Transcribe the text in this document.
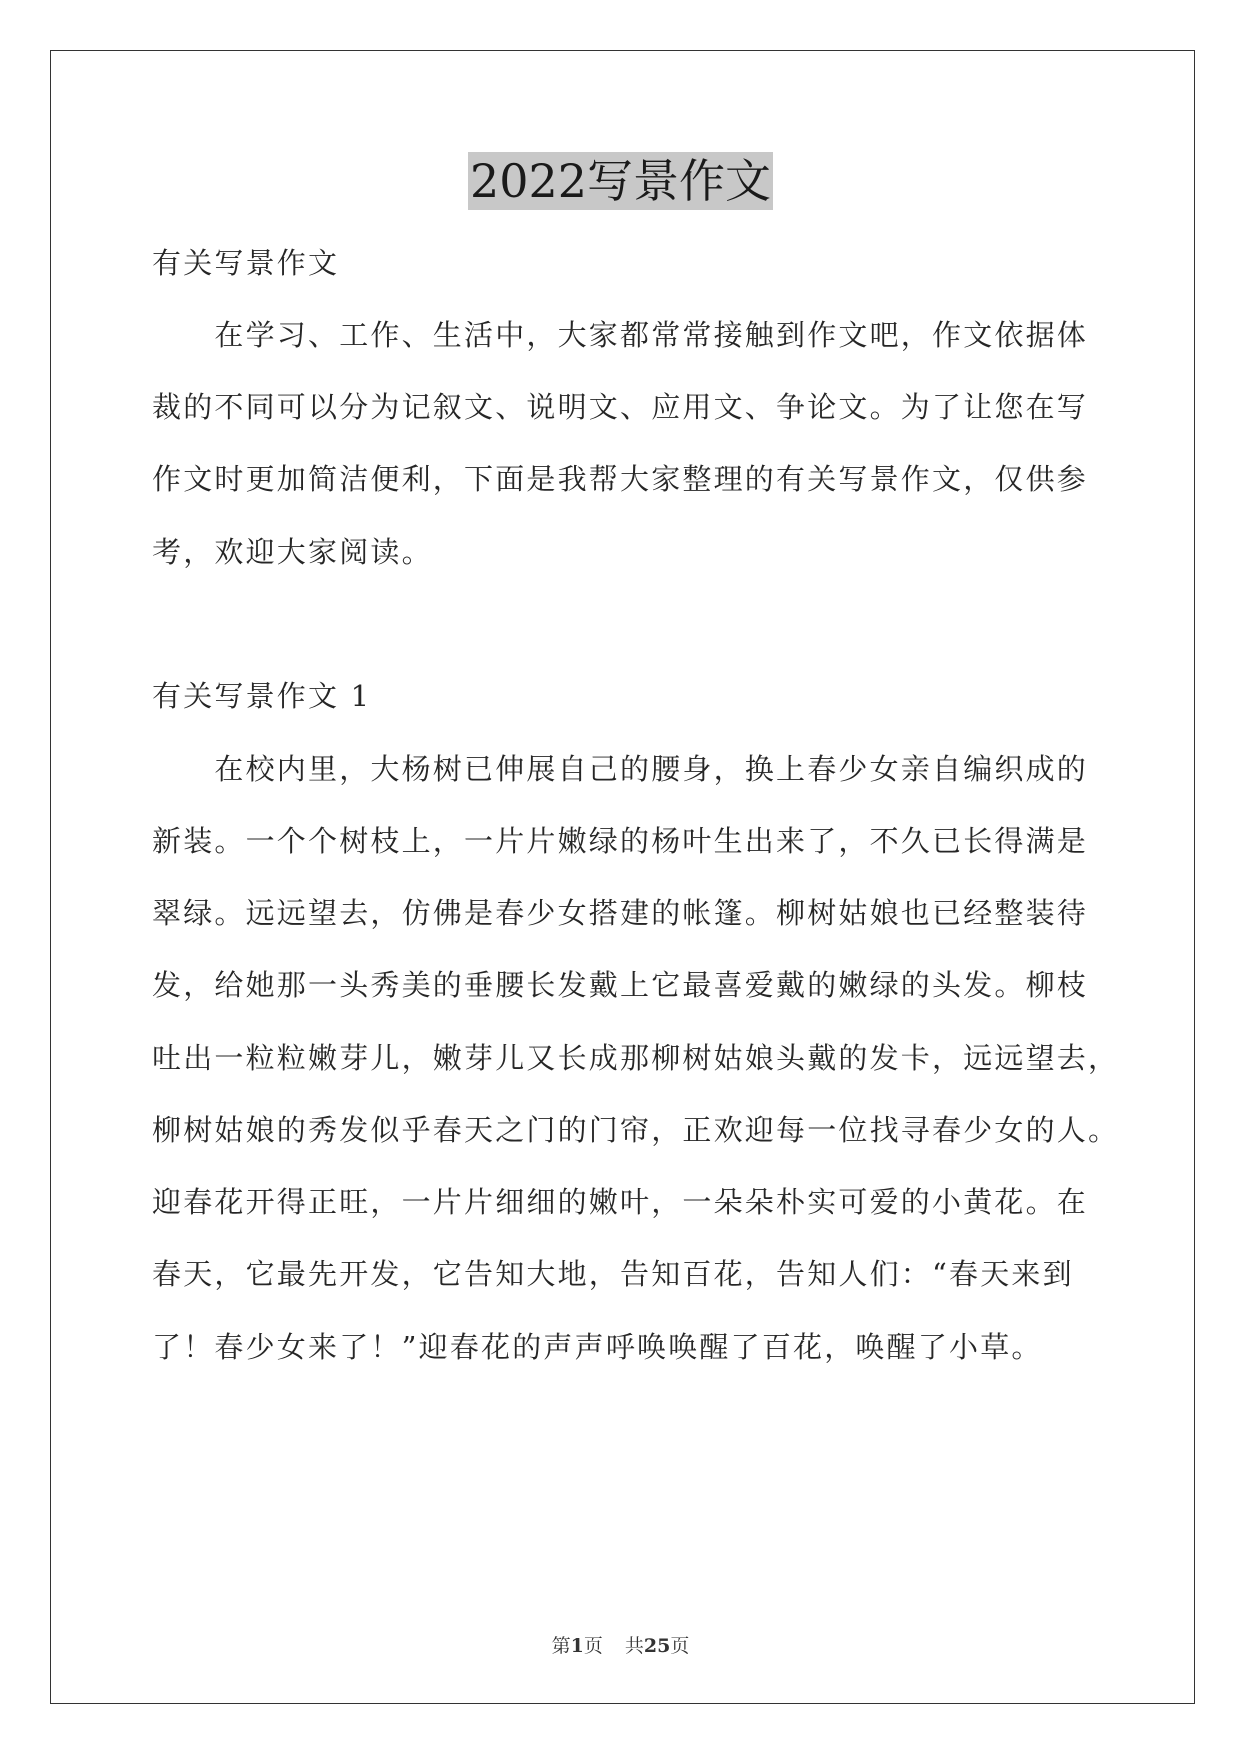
2022写景作文
有关写景作文
　　在学习、工作、生活中，大家都常常接触到作文吧，作文依据体
裁的不同可以分为记叙文、说明文、应用文、争论文。为了让您在写
作文时更加简洁便利，下面是我帮大家整理的有关写景作文，仅供参
考，欢迎大家阅读。
有关写景作文 1
　　在校内里，大杨树已伸展自己的腰身，换上春少女亲自编织成的
新装。一个个树枝上，一片片嫩绿的杨叶生出来了，不久已长得满是
翠绿。远远望去，仿佛是春少女搭建的帐篷。柳树姑娘也已经整装待
发，给她那一头秀美的垂腰长发戴上它最喜爱戴的嫩绿的头发。柳枝
吐出一粒粒嫩芽儿，嫩芽儿又长成那柳树姑娘头戴的发卡，远远望去，
柳树姑娘的秀发似乎春天之门的门帘，正欢迎每一位找寻春少女的人。
迎春花开得正旺，一片片细细的嫩叶，一朵朵朴实可爱的小黄花。在
春天，它最先开发，它告知大地，告知百花，告知人们：“春天来到
了！春少女来了！”迎春花的声声呼唤唤醒了百花，唤醒了小草。
第1页 共25页
